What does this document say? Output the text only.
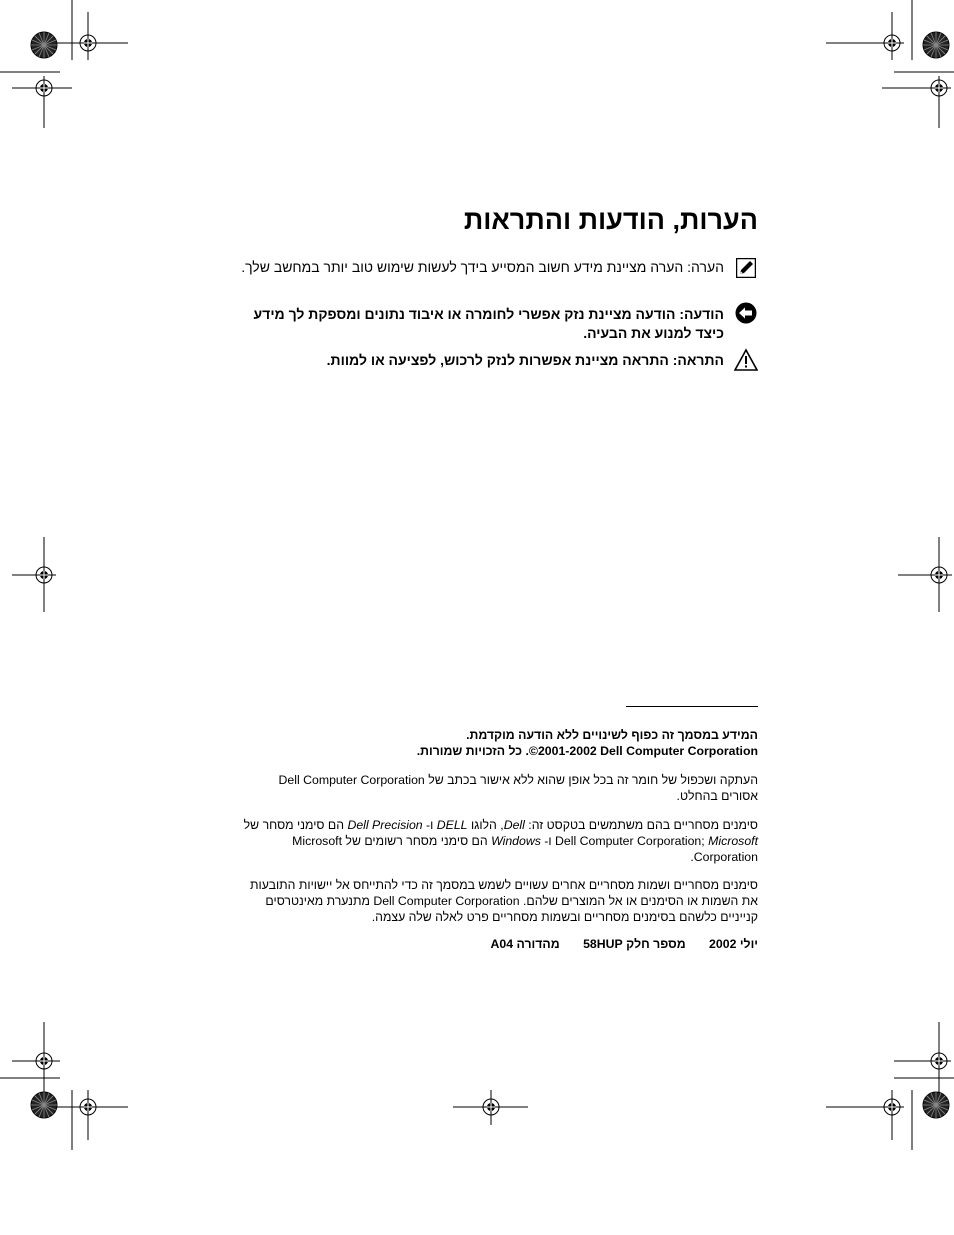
הערות, הודעות והתראות
הערה: הערה מציינת מידע חשוב המסייע בידך לעשות שימוש טוב יותר במחשב שלך.
הודעה: הודעה מציינת נזק אפשרי לחומרה או איבוד נתונים ומספקת לך מידע כיצד למנוע את הבעיה.
התראה: התראה מציינת אפשרות לנזק לרכוש, לפציעה או למוות.

המידע במסמך זה כפוף לשינויים ללא הודעה מוקדמת.

‎©2001-2002 Dell Computer Corporation‏. כל הזכויות שמורות.

העתקה ושכפול של חומר זה בכל אופן שהוא ללא אישור בכתב של Dell Computer Corporation אסורים בהחלט.

סימנים מסחריים בהם משתמשים בטקסט זה: Dell, הלוגו DELL ו- Dell Precision הם סימני מסחר של Dell Computer Corporation; Microsoft ו- Windows הם סימני מסחר רשומים של Microsoft Corporation.

סימנים מסחריים ושמות מסחריים אחרים עשויים לשמש במסמך זה כדי להתייחס אל יישויות התובעות את השמות או הסימנים או אל המוצרים שלהם. Dell Computer Corporation מתנערת מאינטרסים קנייניים כלשהם בסימנים מסחריים ובשמות מסחריים פרט לאלה שלה עצמה.

יולי 2002 מספר חלק 58HUP מהדורה A04
